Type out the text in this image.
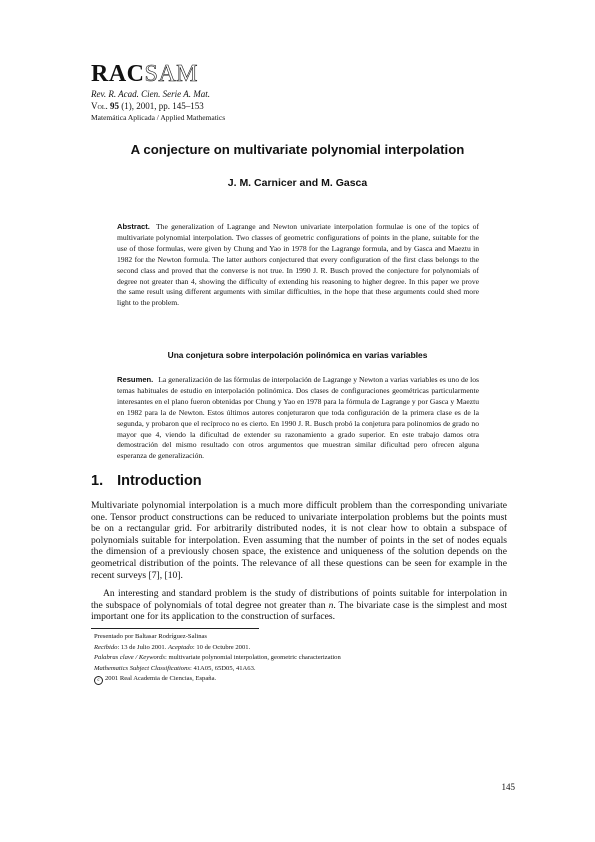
RACSAM
Rev. R. Acad. Cien. Serie A. Mat.
Vol. 95 (1), 2001, pp. 145–153
Matemática Aplicada / Applied Mathematics
A conjecture on multivariate polynomial interpolation
J. M. Carnicer and M. Gasca
Abstract. The generalization of Lagrange and Newton univariate interpolation formulae is one of the topics of multivariate polynomial interpolation. Two classes of geometric configurations of points in the plane, suitable for the use of those formulas, were given by Chung and Yao in 1978 for the Lagrange formula, and by Gasca and Maeztu in 1982 for the Newton formula. The latter authors conjectured that every configuration of the first class belongs to the second class and proved that the converse is not true. In 1990 J. R. Busch proved the conjecture for polynomials of degree not greater than 4, showing the difficulty of extending his reasoning to higher degree. In this paper we prove the same result using different arguments with similar difficulties, in the hope that these arguments could shed more light to the problem.
Una conjetura sobre interpolación polinómica en varias variables
Resumen. La generalización de las fórmulas de interpolación de Lagrange y Newton a varias variables es uno de los temas habituales de estudio en interpolación polinómica. Dos clases de configuraciones geométricas particularmente interesantes en el plano fueron obtenidas por Chung y Yao en 1978 para la fórmula de Lagrange y por Gasca y Maeztu en 1982 para la de Newton. Estos últimos autores conjeturaron que toda configuración de la primera clase es de la segunda, y probaron que el recíproco no es cierto. En 1990 J. R. Busch probó la conjetura para polinomios de grado no mayor que 4, viendo la dificultad de extender su razonamiento a grado superior. En este trabajo damos otra demostración del mismo resultado con otros argumentos que muestran similar dificultad pero ofrecen alguna esperanza de generalización.
1. Introduction
Multivariate polynomial interpolation is a much more difficult problem than the corresponding univariate one. Tensor product constructions can be reduced to univariate interpolation problems but the points must be on a rectangular grid. For arbitrarily distributed nodes, it is not clear how to obtain a subspace of polynomials suitable for interpolation. Even assuming that the number of points in the set of nodes equals the dimension of a previously chosen space, the existence and uniqueness of the solution depends on the geometrical distribution of the points. The relevance of all these questions can be seen for example in the recent surveys [7], [10].
An interesting and standard problem is the study of distributions of points suitable for interpolation in the subspace of polynomials of total degree not greater than n. The bivariate case is the simplest and most important one for its application to the construction of surfaces.
Presentado por Baltasar Rodríguez-Salinas
Recibido: 13 de Julio 2001. Aceptado: 10 de Octubre 2001.
Palabras clave / Keywords: multivariate polynomial interpolation, geometric characterization
Mathematics Subject Classifications: 41A05, 65D05, 41A63.
c 2001 Real Academia de Ciencias, España.
145
